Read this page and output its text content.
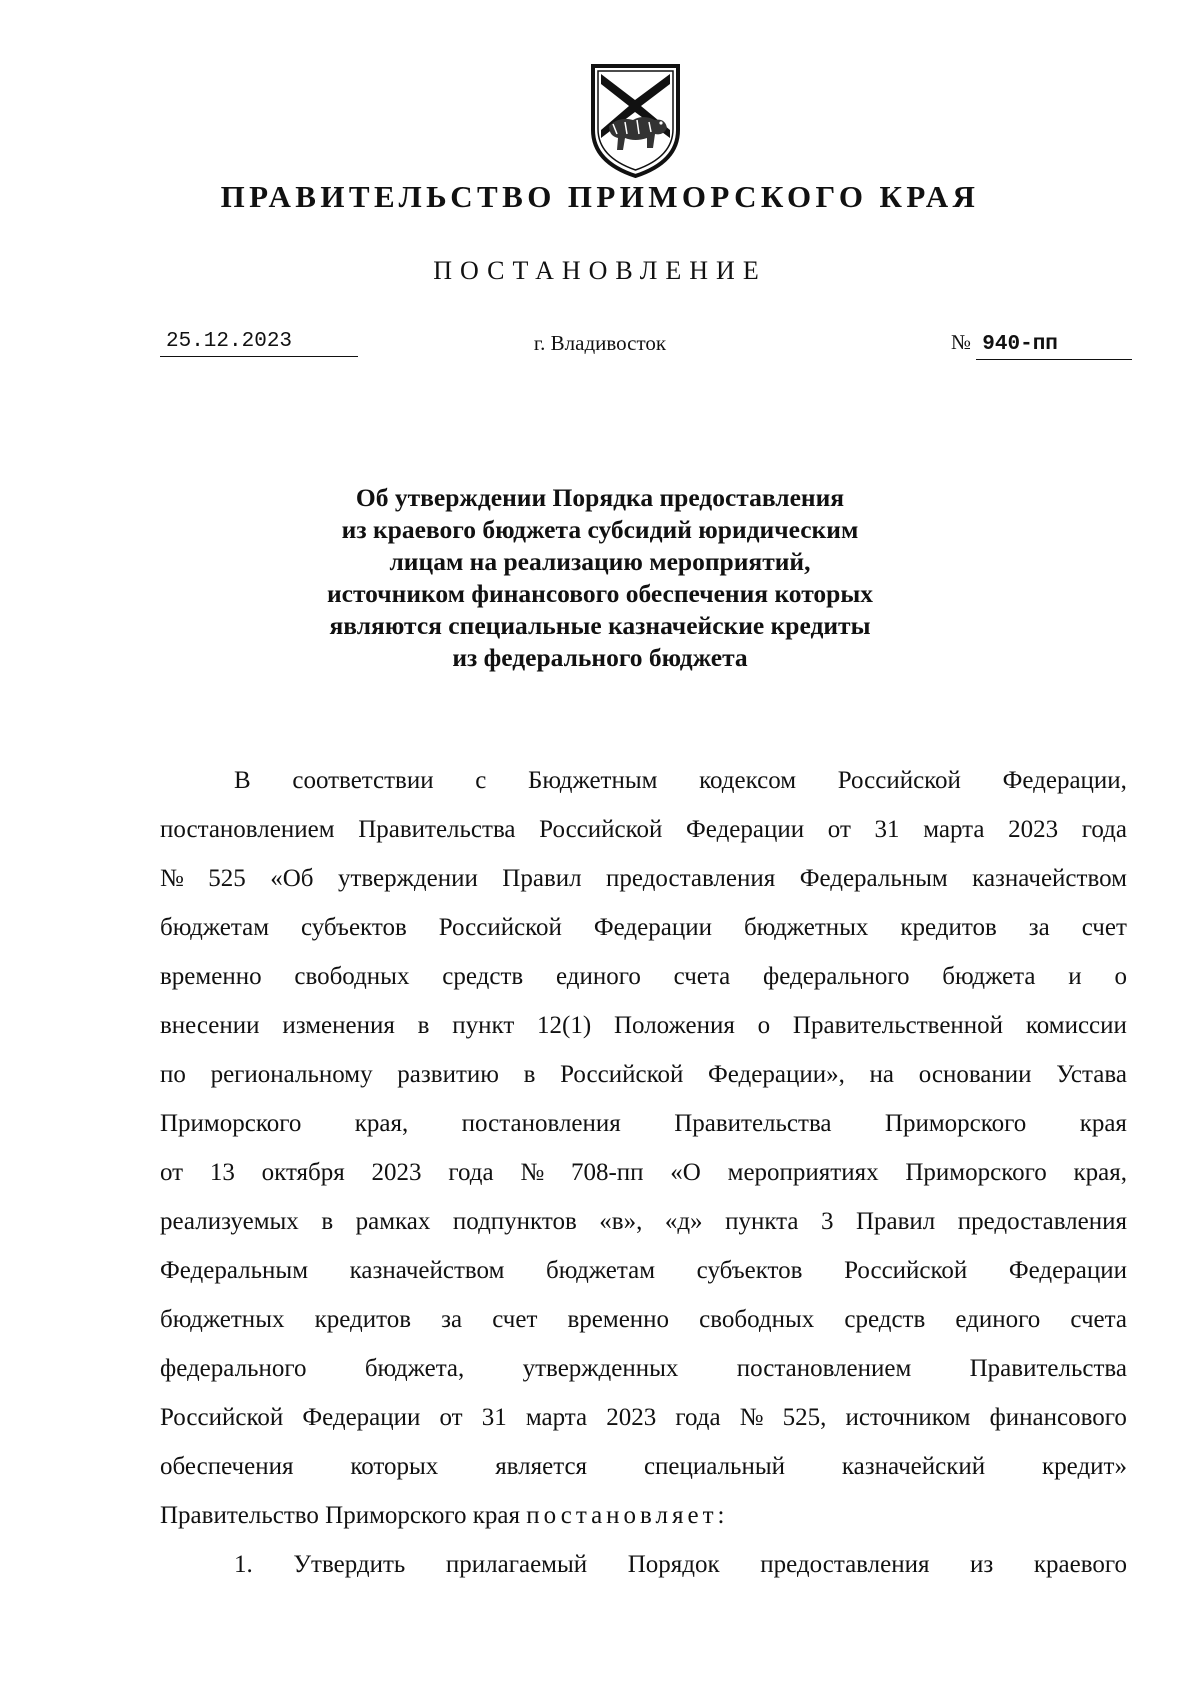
ПРАВИТЕЛЬСТВО ПРИМОРСКОГО КРАЯ
ПОСТАНОВЛЕНИЕ
25.12.2023	г. Владивосток	№ 940-пп
Об утверждении Порядка предоставления
из краевого бюджета субсидий юридическим
лицам на реализацию мероприятий,
источником финансового обеспечения которых
являются специальные казначейские кредиты
из федерального бюджета
В соответствии с Бюджетным кодексом Российской Федерации,
постановлением Правительства Российской Федерации от 31 марта 2023 года
№ 525 «Об утверждении Правил предоставления Федеральным казначейством
бюджетам субъектов Российской Федерации бюджетных кредитов за счет
временно свободных средств единого счета федерального бюджета и о
внесении изменения в пункт 12(1) Положения о Правительственной комиссии
по региональному развитию в Российской Федерации», на основании Устава
Приморского края, постановления Правительства Приморского края
от 13 октября 2023 года № 708-пп «О мероприятиях Приморского края,
реализуемых в рамках подпунктов «в», «д» пункта 3 Правил предоставления
Федеральным казначейством бюджетам субъектов Российской Федерации
бюджетных кредитов за счет временно свободных средств единого счета
федерального бюджета, утвержденных постановлением Правительства
Российской Федерации от 31 марта 2023 года № 525, источником финансового
обеспечения которых является специальный казначейский кредит»
Правительство Приморского края
постановляет:
1. Утвердить прилагаемый Порядок предоставления из краевого
